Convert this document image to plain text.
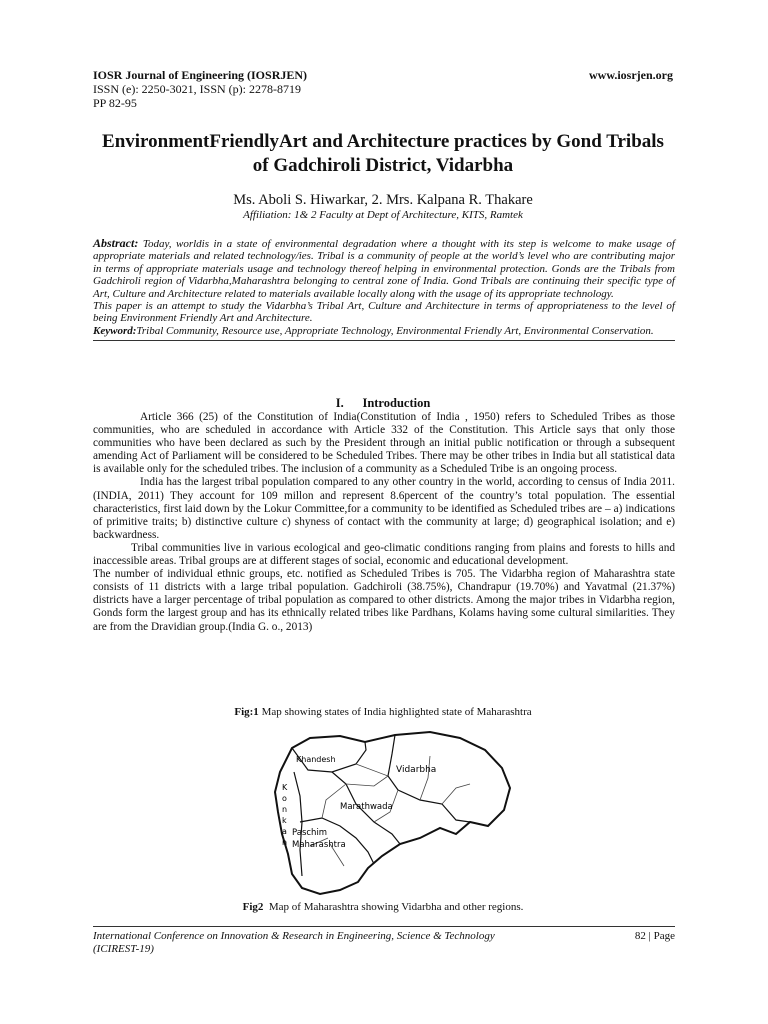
IOSR Journal of Engineering (IOSRJEN)	www.iosrjen.org
ISSN (e): 2250-3021, ISSN (p): 2278-8719
PP 82-95
EnvironmentFriendlyArt and Architecture practices by Gond Tribals of Gadchiroli District, Vidarbha
Ms. Aboli S. Hiwarkar, 2. Mrs. Kalpana R. Thakare
Affiliation: 1& 2 Faculty at Dept of Architecture, KITS, Ramtek

Abstract: Today, worldis in a state of environmental degradation where a thought with its step is welcome to make usage of appropriate materials and related technology/ies. Tribal is a community of people at the world’s level who are contributing major in terms of appropriate materials usage and technology thereof helping in environmental protection. Gonds are the Tribals from Gadchiroli region of Vidarbha,Maharashtra belonging to central zone of India. Gond Tribals are continuing their specific type of Art, Culture and Architecture related to materials available locally along with the usage of its appropriate technology.

This paper is an attempt to study the Vidarbha’s Tribal Art, Culture and Architecture in terms of appropriateness to the level of being Environment Friendly Art and Architecture.

Keyword:Tribal Community, Resource use, Appropriate Technology, Environmental Friendly Art, Environmental Conservation.

I. Introduction

Article 366 (25) of the Constitution of India(Constitution of India , 1950) refers to Scheduled Tribes as those communities, who are scheduled in accordance with Article 332 of the Constitution. This Article says that only those communities who have been declared as such by the President through an initial public notification or through a subsequent amending Act of Parliament will be considered to be Scheduled Tribes. There may be other tribes in India but all statistical data is available only for the scheduled tribes. The inclusion of a community as a Scheduled Tribe is an ongoing process.

India has the largest tribal population compared to any other country in the world, according to census of India 2011.(INDIA, 2011) They account for 109 millon and represent 8.6percent of the country’s total population. The essential characteristics, first laid down by the Lokur Committee,for a community to be identified as Scheduled tribes are – a) indications of primitive traits; b) distinctive culture c) shyness of contact with the community at large; d) geographical isolation; and e) backwardness.

Tribal communities live in various ecological and geo-climatic conditions ranging from plains and forests to hills and inaccessible areas. Tribal groups are at different stages of social, economic and educational development.

The number of individual ethnic groups, etc. notified as Scheduled Tribes is 705. The Vidarbha region of Maharashtra state consists of 11 districts with a large tribal population. Gadchiroli (38.75%), Chandrapur (19.70%) and Yavatmal (21.37%) districts have a larger percentage of tribal population as compared to other districts. Among the major tribes in Vidarbha region, Gonds form the largest group and has its ethnically related tribes like Pardhans, Kolams having some cultural similarities. They are from the Dravidian group.(India G. o., 2013)

Fig:1 Map showing states of India highlighted state of Maharashtra
Khandesh
Vidarbha
Marathwada
K
o
n
k
a
n
Paschim
Maharashtra
Fig2 Map of Maharashtra showing Vidarbha and other regions.
International Conference on Innovation & Research in Engineering, Science & Technology
(ICIREST-19)
82 | Page
